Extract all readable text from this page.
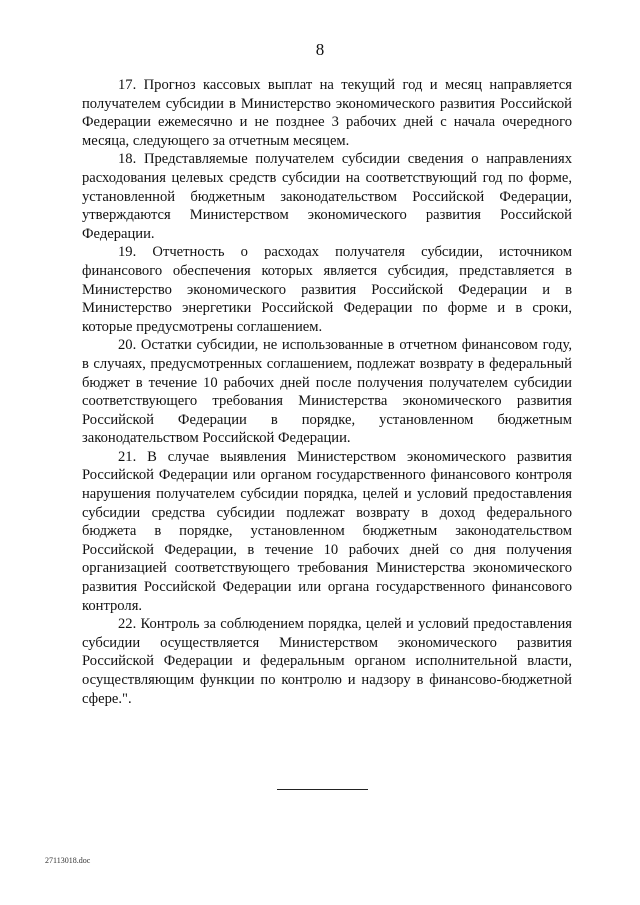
8

17. Прогноз кассовых выплат на текущий год и месяц направляется получателем субсидии в Министерство экономического развития Российской Федерации ежемесячно и не позднее 3 рабочих дней с начала очередного месяца, следующего за отчетным месяцем.

18. Представляемые получателем субсидии сведения о направлениях расходования целевых средств субсидии на соответствующий год по форме, установленной бюджетным законодательством Российской Федерации, утверждаются Министерством экономического развития Российской Федерации.

19. Отчетность о расходах получателя субсидии, источником финансового обеспечения которых является субсидия, представляется в Министерство экономического развития Российской Федерации и в Министерство энергетики Российской Федерации по форме и в сроки, которые предусмотрены соглашением.

20. Остатки субсидии, не использованные в отчетном финансовом году, в случаях, предусмотренных соглашением, подлежат возврату в федеральный бюджет в течение 10 рабочих дней после получения получателем субсидии соответствующего требования Министерства экономического развития Российской Федерации в порядке, установленном бюджетным законодательством Российской Федерации.

21. В случае выявления Министерством экономического развития Российской Федерации или органом государственного финансового контроля нарушения получателем субсидии порядка, целей и условий предоставления субсидии средства субсидии подлежат возврату в доход федерального бюджета в порядке, установленном бюджетным законодательством Российской Федерации, в течение 10 рабочих дней со дня получения организацией соответствующего требования Министерства экономического развития Российской Федерации или органа государственного финансового контроля.

22. Контроль за соблюдением порядка, целей и условий предоставления субсидии осуществляется Министерством экономического развития Российской Федерации и федеральным органом исполнительной власти, осуществляющим функции по контролю и надзору в финансово-бюджетной сфере.".

27113018.doc
